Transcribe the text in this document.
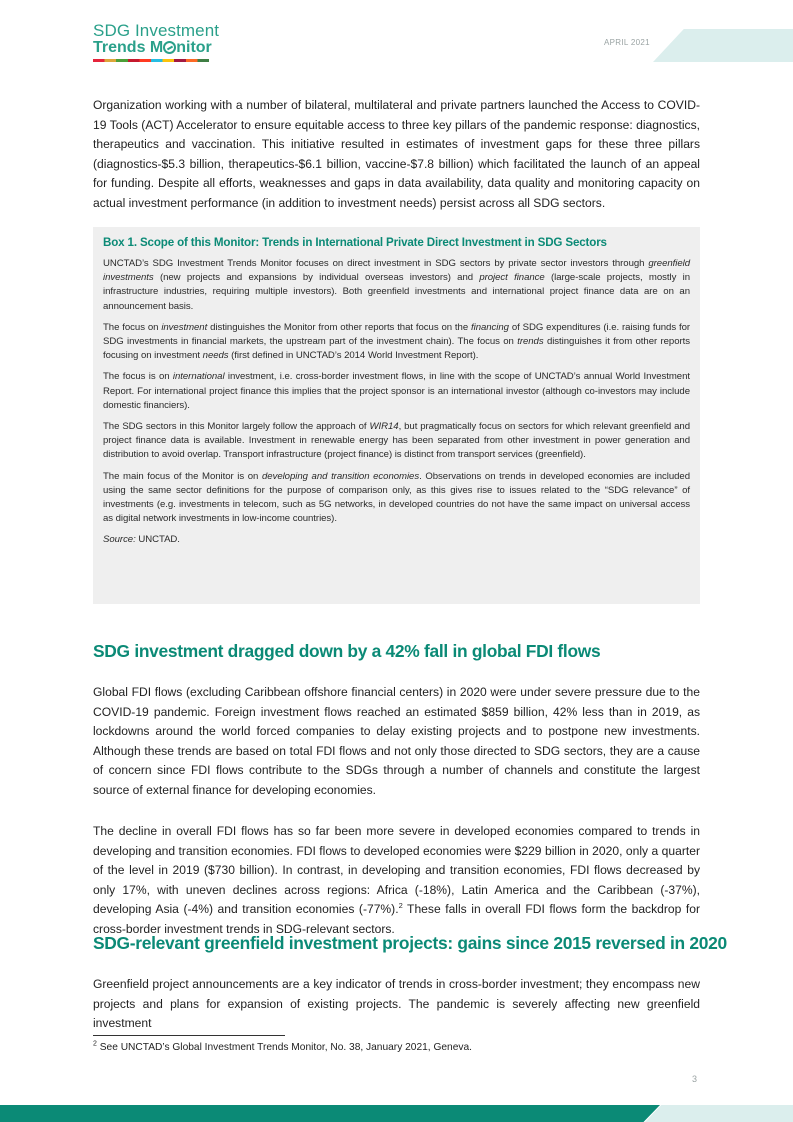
SDG Investment
Trends M nitor	APRIL 2021

Organization working with a number of bilateral, multilateral and private partners launched the Access to COVID-19 Tools (ACT) Accelerator to ensure equitable access to three key pillars of the pandemic response: diagnostics, therapeutics and vaccination. This initiative resulted in estimates of investment gaps for these three pillars (diagnostics-$5.3 billion, therapeutics-$6.1 billion, vaccine-$7.8 billion) which facilitated the launch of an appeal for funding. Despite all efforts, weaknesses and gaps in data availability, data quality and monitoring capacity on actual investment performance (in addition to investment needs) persist across all SDG sectors.

Box 1. Scope of this Monitor: Trends in International Private Direct Investment in SDG Sectors

UNCTAD’s SDG Investment Trends Monitor focuses on direct investment in SDG sectors by private sector investors through greenfield investments (new projects and expansions by individual overseas investors) and project finance (large-scale projects, mostly in infrastructure industries, requiring multiple investors). Both greenfield investments and international project finance data are on an announcement basis.

The focus on investment distinguishes the Monitor from other reports that focus on the financing of SDG expenditures (i.e. raising funds for SDG investments in financial markets, the upstream part of the investment chain). The focus on trends distinguishes it from other reports focusing on investment needs (first defined in UNCTAD’s 2014 World Investment Report).

The focus is on international investment, i.e. cross-border investment flows, in line with the scope of UNCTAD’s annual World Investment Report. For international project finance this implies that the project sponsor is an international investor (although co-investors may include domestic financiers).

The SDG sectors in this Monitor largely follow the approach of WIR14, but pragmatically focus on sectors for which relevant greenfield and project finance data is available. Investment in renewable energy has been separated from other investment in power generation and distribution to avoid overlap. Transport infrastructure (project finance) is distinct from transport services (greenfield).

The main focus of the Monitor is on developing and transition economies. Observations on trends in developed economies are included using the same sector definitions for the purpose of comparison only, as this gives rise to issues related to the “SDG relevance” of investments (e.g. investments in telecom, such as 5G networks, in developed countries do not have the same impact on universal access as digital network investments in low-income countries).

Source: UNCTAD.

SDG investment dragged down by a 42% fall in global FDI flows

Global FDI flows (excluding Caribbean offshore financial centers) in 2020 were under severe pressure due to the COVID-19 pandemic. Foreign investment flows reached an estimated $859 billion, 42% less than in 2019, as lockdowns around the world forced companies to delay existing projects and to postpone new investments. Although these trends are based on total FDI flows and not only those directed to SDG sectors, they are a cause of concern since FDI flows contribute to the SDGs through a number of channels and constitute the largest source of external finance for developing economies.

The decline in overall FDI flows has so far been more severe in developed economies compared to trends in developing and transition economies. FDI flows to developed economies were $229 billion in 2020, only a quarter of the level in 2019 ($730 billion). In contrast, in developing and transition economies, FDI flows decreased by only 17%, with uneven declines across regions: Africa (-18%), Latin America and the Caribbean (-37%), developing Asia (-4%) and transition economies (-77%).$^2$ These falls in overall FDI flows form the backdrop for cross-border investment trends in SDG-relevant sectors.

SDG-relevant greenfield investment projects: gains since 2015 reversed in 2020

Greenfield project announcements are a key indicator of trends in cross-border investment; they encompass new projects and plans for expansion of existing projects. The pandemic is severely affecting new greenfield investment

$^2$ See UNCTAD’s Global Investment Trends Monitor, No. 38, January 2021, Geneva.
3
